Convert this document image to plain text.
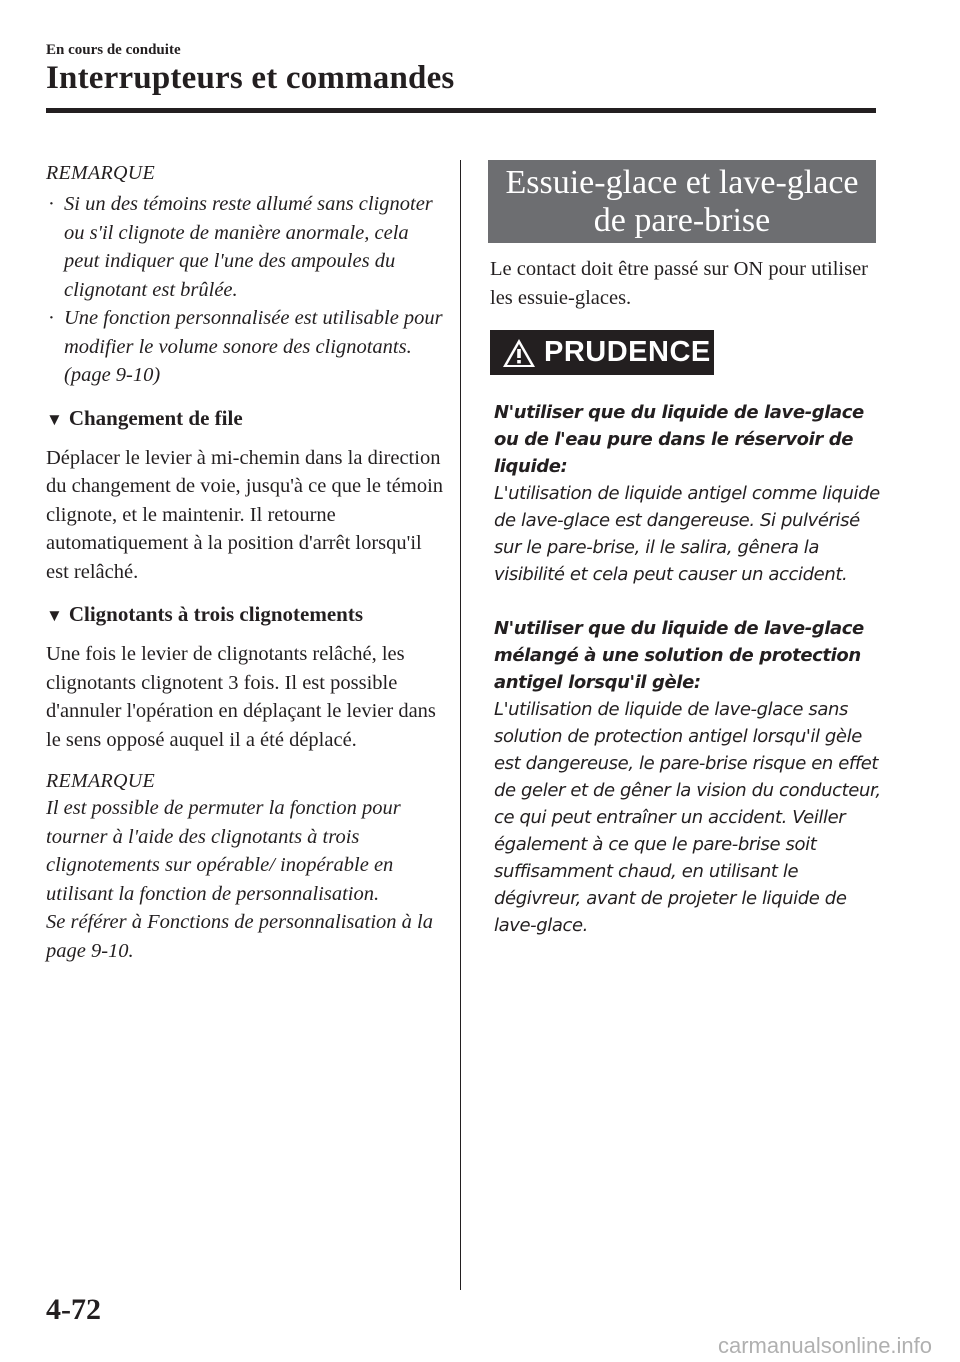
En cours de conduite
Interrupteurs et commandes
REMARQUE
· Si un des témoins reste allumé sans clignoter ou s'il clignote de manière anormale, cela peut indiquer que l'une des ampoules du clignotant est brûlée.
· Une fonction personnalisée est utilisable pour modifier le volume sonore des clignotants. (page 9-10)
▼ Changement de file

Déplacer le levier à mi-chemin dans la direction du changement de voie, jusqu'à ce que le témoin clignote, et le maintenir. Il retourne automatiquement à la position d'arrêt lorsqu'il est relâché.

▼ Clignotants à trois clignotements

Une fois le levier de clignotants relâché, les clignotants clignotent 3 fois. Il est possible d'annuler l'opération en déplaçant le levier dans le sens opposé auquel il a été déplacé.

REMARQUE
Il est possible de permuter la fonction pour tourner à l'aide des clignotants à trois clignotements sur opérable/ inopérable en utilisant la fonction de personnalisation.
Se référer à Fonctions de personnalisation à la page 9-10.
Essuie-glace et lave-glace
de pare-brise

Le contact doit être passé sur ON pour utiliser les essuie-glaces.

PRUDENCE
N'utiliser que du liquide de lave-glace ou de l'eau pure dans le réservoir de liquide:
L'utilisation de liquide antigel comme liquide de lave-glace est dangereuse. Si pulvérisé sur le pare-brise, il le salira, gênera la visibilité et cela peut causer un accident.
N'utiliser que du liquide de lave-glace mélangé à une solution de protection antigel lorsqu'il gèle:
L'utilisation de liquide de lave-glace sans solution de protection antigel lorsqu'il gèle est dangereuse, le pare-brise risque en effet de geler et de gêner la vision du conducteur, ce qui peut entraîner un accident. Veiller également à ce que le pare-brise soit suffisamment chaud, en utilisant le dégivreur, avant de projeter le liquide de lave-glace.
4-72
carmanualsonline.info
